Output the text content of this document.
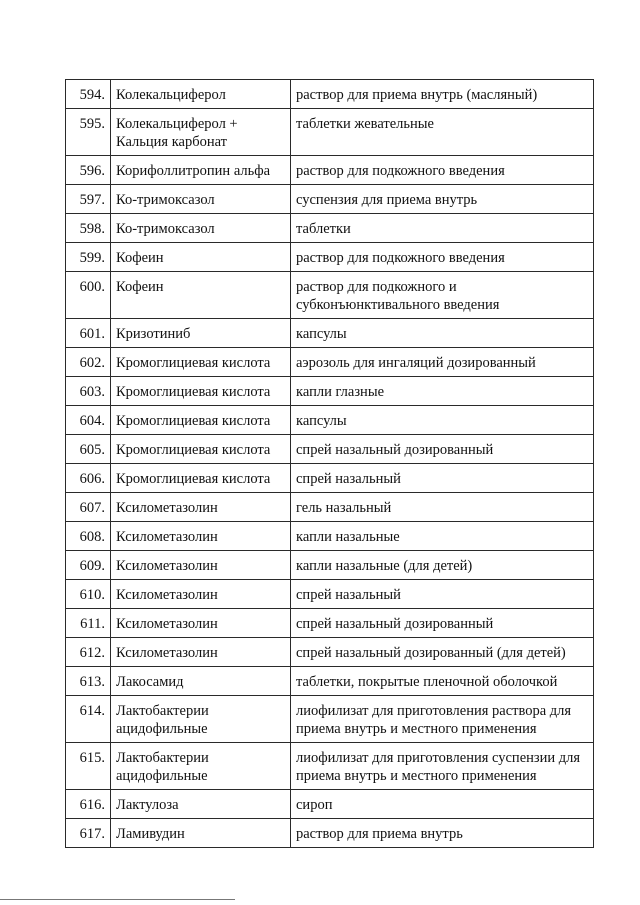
594.	Колекальциферол	раствор для приема внутрь (масляный)
595.	Колекальциферол + Кальция карбонат	таблетки жевательные
596.	Корифоллитропин альфа	раствор для подкожного введения
597.	Ко-тримоксазол	суспензия для приема внутрь
598.	Ко-тримоксазол	таблетки
599.	Кофеин	раствор для подкожного введения
600.	Кофеин	раствор для подкожного и субконъюнктивального введения
601.	Кризотиниб	капсулы
602.	Кромоглициевая кислота	аэрозоль для ингаляций дозированный
603.	Кромоглициевая кислота	капли глазные
604.	Кромоглициевая кислота	капсулы
605.	Кромоглициевая кислота	спрей назальный дозированный
606.	Кромоглициевая кислота	спрей назальный
607.	Ксилометазолин	гель назальный
608.	Ксилометазолин	капли назальные
609.	Ксилометазолин	капли назальные (для детей)
610.	Ксилометазолин	спрей назальный
611.	Ксилометазолин	спрей назальный дозированный
612.	Ксилометазолин	спрей назальный дозированный (для детей)
613.	Лакосамид	таблетки, покрытые пленочной оболочкой
614.	Лактобактерии ацидофильные	лиофилизат для приготовления раствора для приема внутрь и местного применения
615.	Лактобактерии ацидофильные	лиофилизат для приготовления суспензии для приема внутрь и местного применения
616.	Лактулоза	сироп
617.	Ламивудин	раствор для приема внутрь
